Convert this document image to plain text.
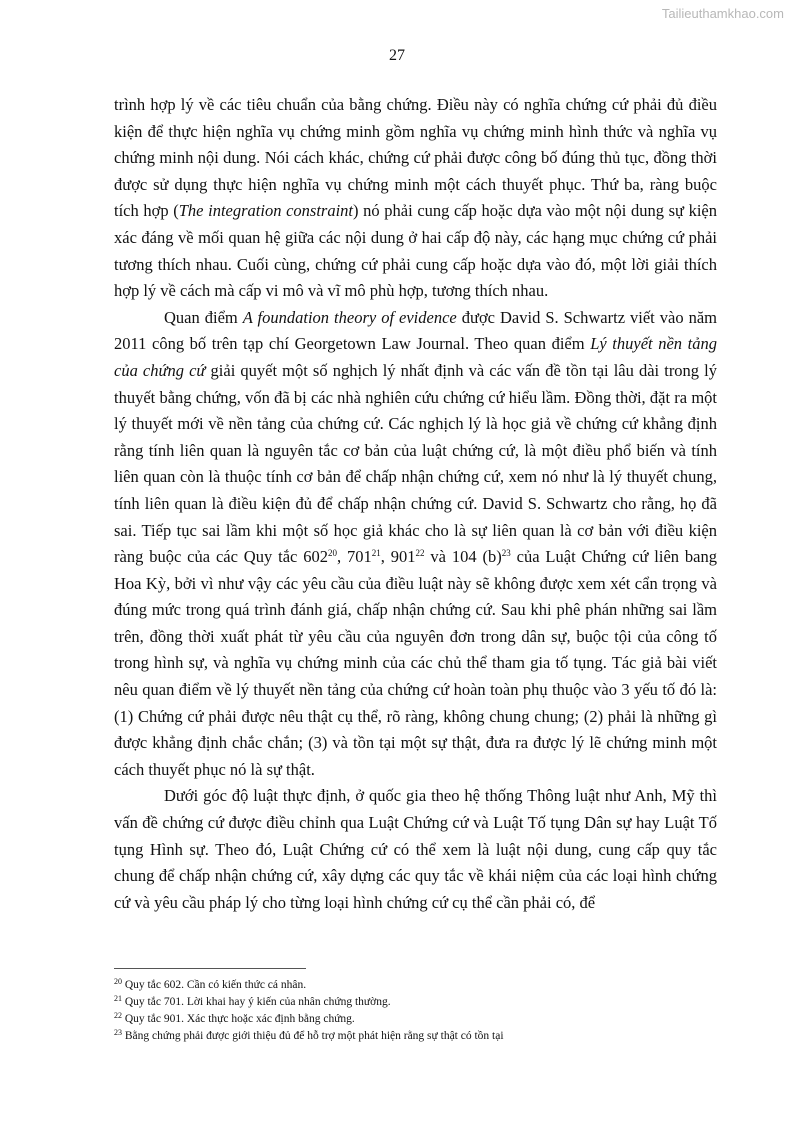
Tailieuthamkhao.com
27

trình hợp lý về các tiêu chuẩn của bằng chứng. Điều này có nghĩa chứng cứ phải đủ điều kiện để thực hiện nghĩa vụ chứng minh gồm nghĩa vụ chứng minh hình thức và nghĩa vụ chứng minh nội dung. Nói cách khác, chứng cứ phải được công bố đúng thủ tục, đồng thời được sử dụng thực hiện nghĩa vụ chứng minh một cách thuyết phục. Thứ ba, ràng buộc tích hợp (The integration constraint) nó phải cung cấp hoặc dựa vào một nội dung sự kiện xác đáng về mối quan hệ giữa các nội dung ở hai cấp độ này, các hạng mục chứng cứ phải tương thích nhau. Cuối cùng, chứng cứ phải cung cấp hoặc dựa vào đó, một lời giải thích hợp lý về cách mà cấp vi mô và vĩ mô phù hợp, tương thích nhau.

Quan điểm A foundation theory of evidence được David S. Schwartz viết vào năm 2011 công bố trên tạp chí Georgetown Law Journal. Theo quan điểm Lý thuyết nền tảng của chứng cứ giải quyết một số nghịch lý nhất định và các vấn đề tồn tại lâu dài trong lý thuyết bằng chứng, vốn đã bị các nhà nghiên cứu chứng cứ hiểu lầm. Đồng thời, đặt ra một lý thuyết mới về nền tảng của chứng cứ. Các nghịch lý là học giả về chứng cứ khẳng định rằng tính liên quan là nguyên tắc cơ bản của luật chứng cứ, là một điều phổ biến và tính liên quan còn là thuộc tính cơ bản để chấp nhận chứng cứ, xem nó như là lý thuyết chung, tính liên quan là điều kiện đủ để chấp nhận chứng cứ. David S. Schwartz cho rằng, họ đã sai. Tiếp tục sai lầm khi một số học giả khác cho là sự liên quan là cơ bản với điều kiện ràng buộc của các Quy tắc $602^{20}$, $701^{21}$, $901^{22}$ và 104 $(b)^{23}$ của Luật Chứng cứ liên bang Hoa Kỳ, bởi vì như vậy các yêu cầu của điều luật này sẽ không được xem xét cẩn trọng và đúng mức trong quá trình đánh giá, chấp nhận chứng cứ. Sau khi phê phán những sai lầm trên, đồng thời xuất phát từ yêu cầu của nguyên đơn trong dân sự, buộc tội của công tố trong hình sự, và nghĩa vụ chứng minh của các chủ thể tham gia tố tụng. Tác giả bài viết nêu quan điểm về lý thuyết nền tảng của chứng cứ hoàn toàn phụ thuộc vào 3 yếu tố đó là: (1) Chứng cứ phải được nêu thật cụ thể, rõ ràng, không chung chung; (2) phải là những gì được khẳng định chắc chắn; (3) và tồn tại một sự thật, đưa ra được lý lẽ chứng minh một cách thuyết phục nó là sự thật.

Dưới góc độ luật thực định, ở quốc gia theo hệ thống Thông luật như Anh, Mỹ thì vấn đề chứng cứ được điều chỉnh qua Luật Chứng cứ và Luật Tố tụng Dân sự hay Luật Tố tụng Hình sự. Theo đó, Luật Chứng cứ có thể xem là luật nội dung, cung cấp quy tắc chung để chấp nhận chứng cứ, xây dựng các quy tắc về khái niệm của các loại hình chứng cứ và yêu cầu pháp lý cho từng loại hình chứng cứ cụ thể cần phải có, để

$^{20}$ Quy tắc 602. Cần có kiến thức cá nhân.
$^{21}$ Quy tắc 701. Lời khai hay ý kiến của nhân chứng thường.
$^{22}$ Quy tắc 901. Xác thực hoặc xác định bằng chứng.
$^{23}$ Bằng chứng phải được giới thiệu đủ để hỗ trợ một phát hiện rằng sự thật có tồn tại
